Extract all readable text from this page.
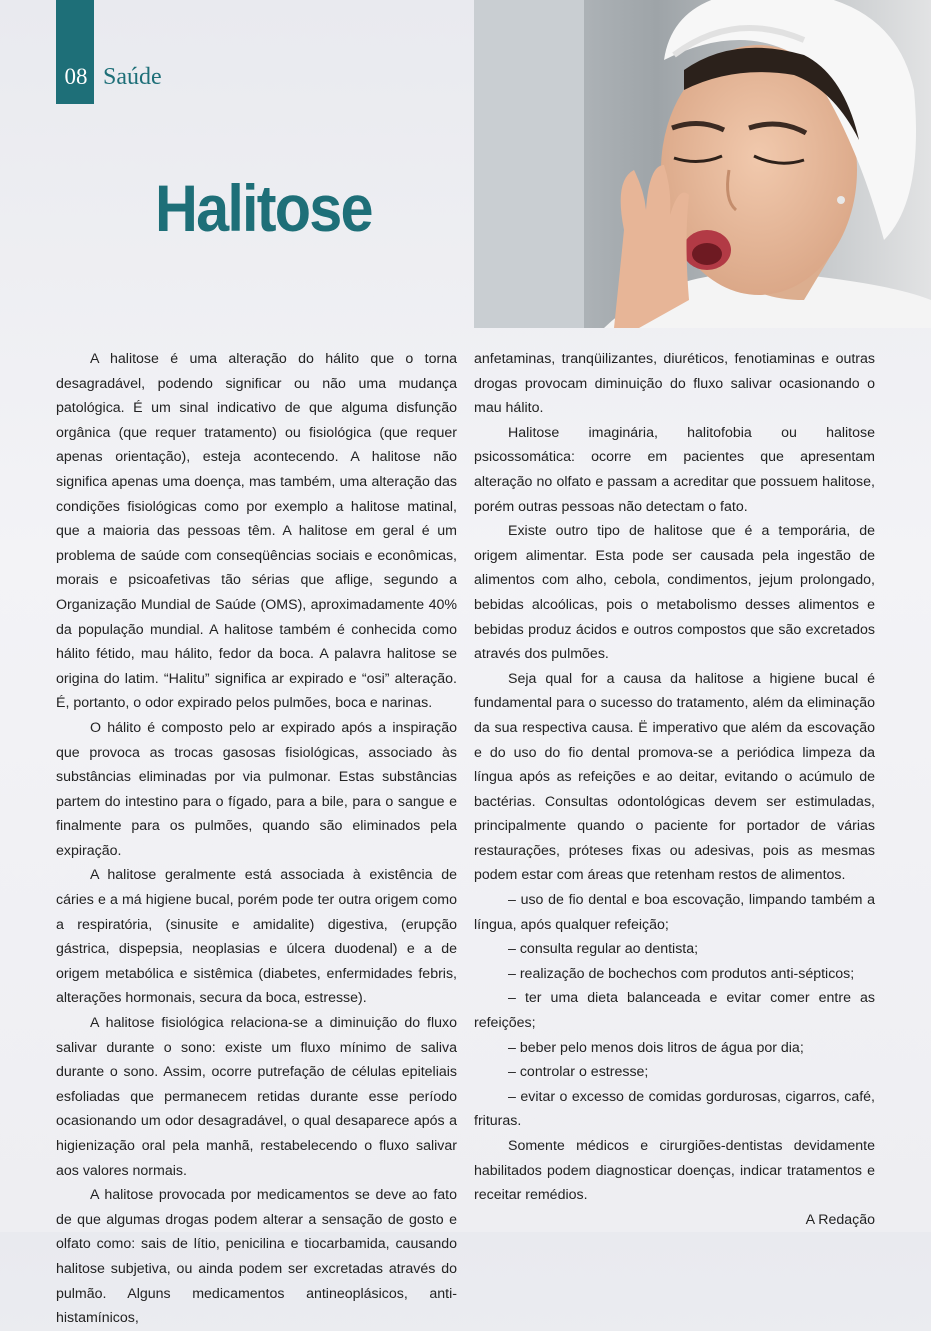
08 Saúde
Halitose

A halitose é uma alteração do hálito que o torna desagradável, podendo significar ou não uma mudança patológica. É um sinal indicativo de que alguma disfunção orgânica (que requer tratamento) ou fisiológica (que requer apenas orientação), esteja acontecendo. A halitose não significa apenas uma doença, mas também, uma alteração das condições fisiológicas como por exemplo a halitose matinal, que a maioria das pessoas têm. A halitose em geral é um problema de saúde com conseqüências sociais e econômicas, morais e psicoafetivas tão sérias que aflige, segundo a Organização Mundial de Saúde (OMS), aproximadamente 40% da população mundial. A halitose também é conhecida como hálito fétido, mau hálito, fedor da boca. A palavra halitose se origina do latim. “Halitu” significa ar expirado e “osi” alteração. É, portanto, o odor expirado pelos pulmões, boca e narinas.

O hálito é composto pelo ar expirado após a inspiração que provoca as trocas gasosas fisiológicas, associado às substâncias eliminadas por via pulmonar. Estas substâncias partem do intestino para o fígado, para a bile, para o sangue e finalmente para os pulmões, quando são eliminados pela expiração.

A halitose geralmente está associada à existência de cáries e a má higiene bucal, porém pode ter outra origem como a respiratória, (sinusite e amidalite) digestiva, (erupção gástrica, dispepsia, neoplasias e úlcera duodenal) e a de origem metabólica e sistêmica (diabetes, enfermidades febris, alterações hormonais, secura da boca, estresse).

A halitose fisiológica relaciona-se a diminuição do fluxo salivar durante o sono: existe um fluxo mínimo de saliva durante o sono. Assim, ocorre putrefação de células epiteliais esfoliadas que permanecem retidas durante esse período ocasionando um odor desagradável, o qual desaparece após a higienização oral pela manhã, restabelecendo o fluxo salivar aos valores normais.

A halitose provocada por medicamentos se deve ao fato de que algumas drogas podem alterar a sensação de gosto e olfato como: sais de lítio, penicilina e tiocarbamida, causando halitose subjetiva, ou ainda podem ser excretadas através do pulmão. Alguns medicamentos antineoplásicos, anti-histamínicos,

anfetaminas, tranqüilizantes, diuréticos, fenotiaminas e outras drogas provocam diminuição do fluxo salivar ocasionando o mau hálito.

Halitose imaginária, halitofobia ou halitose psicossomática: ocorre em pacientes que apresentam alteração no olfato e passam a acreditar que possuem halitose, porém outras pessoas não detectam o fato.

Existe outro tipo de halitose que é a temporária, de origem alimentar. Esta pode ser causada pela ingestão de alimentos com alho, cebola, condimentos, jejum prolongado, bebidas alcoólicas, pois o metabolismo desses alimentos e bebidas produz ácidos e outros compostos que são excretados através dos pulmões.

Seja qual for a causa da halitose a higiene bucal é fundamental para o sucesso do tratamento, além da eliminação da sua respectiva causa. Ë imperativo que além da escovação e do uso do fio dental promova-se a periódica limpeza da língua após as refeições e ao deitar, evitando o acúmulo de bactérias. Consultas odontológicas devem ser estimuladas, principalmente quando o paciente for portador de várias restaurações, próteses fixas ou adesivas, pois as mesmas podem estar com áreas que retenham restos de alimentos.

– uso de fio dental e boa escovação, limpando também a língua, após qualquer refeição;

– consulta regular ao dentista;

– realização de bochechos com produtos anti-sépticos;

– ter uma dieta balanceada e evitar comer entre as refeições;

– beber pelo menos dois litros de água por dia;

– controlar o estresse;

– evitar o excesso de comidas gordurosas, cigarros, café, frituras.

Somente médicos e cirurgiões-dentistas devidamente habilitados podem diagnosticar doenças, indicar tratamentos e receitar remédios.

A Redação
